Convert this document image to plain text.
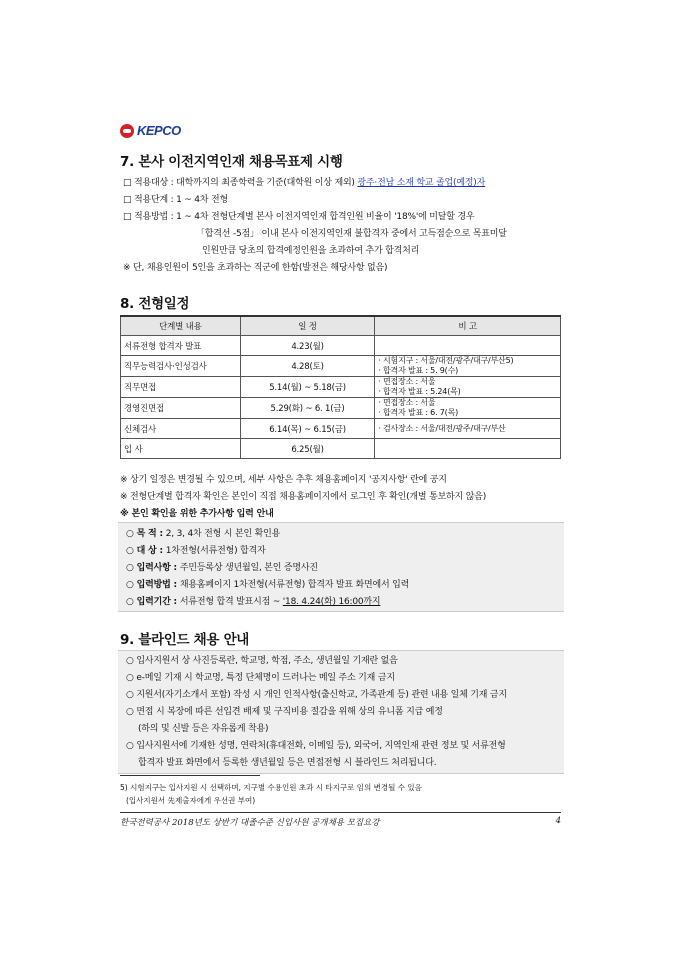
KEPCO
7. 본사 이전지역인재 채용목표제 시행
□ 적용대상 : 대학까지의 최종학력을 기준(대학원 이상 제외) 광주·전남 소재 학교 졸업(예정)자
□ 적용단계 : 1 ~ 4차 전형
□ 적용방법 : 1 ~ 4차 전형단계별 본사 이전지역인재 합격인원 비율이 '18%'에 미달할 경우
「합격선 -5점」 이내 본사 이전지역인재 불합격자 중에서 고득점순으로 목표미달
인원만큼 당초의 합격예정인원을 초과하여 추가 합격처리
※ 단, 채용인원이 5인을 초과하는 직군에 한함(발전은 해당사항 없음)
8. 전형일정
단계별 내용	일 정	비 고
서류전형 합격자 발표	4.23(월)	
직무능력검사·인성검사	4.28(토)	· 시험지구 : 서울/대전/광주/대구/부산5)
· 합격자 발표 : 5. 9(수)

직무면접	5.14(월) ~ 5.18(금)	· 면접장소 : 서울
· 합격자 발표 : 5.24(목)

경영진면접	5.29(화) ~ 6. 1(금)	· 면접장소 : 서울
· 합격자 발표 : 6. 7(목)

신체검사	6.14(목) ~ 6.15(금)	· 검사장소 : 서울/대전/광주/대구/부산
입 사	6.25(월)	
※ 상기 일정은 변경될 수 있으며, 세부 사항은 추후 채용홈페이지 '공지사항' 란에 공지
※ 전형단계별 합격자 확인은 본인이 직접 채용홈페이지에서 로그인 후 확인(개별 통보하지 않음)
※ 본인 확인을 위한 추가사항 입력 안내
○ 목 적 : 2, 3, 4차 전형 시 본인 확인용
○ 대 상 : 1차전형(서류전형) 합격자
○ 입력사항 : 주민등록상 생년월일, 본인 증명사진
○ 입력방법 : 채용홈페이지 1차전형(서류전형) 합격자 발표 화면에서 입력
○ 입력기간 : 서류전형 합격 발표시점 ~ '18. 4.24(화) 16:00까지
9. 블라인드 채용 안내
○ 입사지원서 상 사진등록란, 학교명, 학점, 주소, 생년월일 기재란 없음
○ e-메일 기재 시 학교명, 특정 단체명이 드러나는 메일 주소 기재 금지
○ 지원서(자기소개서 포함) 작성 시 개인 인적사항(출신학교, 가족관계 등) 관련 내용 일체 기재 금지
○ 면접 시 복장에 따른 선입견 배제 및 구직비용 절감을 위해 상의 유니폼 지급 예정
(하의 및 신발 등은 자유롭게 착용)
○ 입사지원서에 기재한 성명, 연락처(휴대전화, 이메일 등), 외국어, 지역인재 관련 정보 및 서류전형
합격자 발표 화면에서 등록한 생년월일 등은 면접전형 시 블라인드 처리됩니다.
5) 시험지구는 입사지원 시 선택하며, 지구별 수용인원 초과 시 타지구로 임의 변경될 수 있음
(입사지원서 先제출자에게 우선권 부여)
한국전력공사 2018년도 상반기 대졸수준 신입사원 공개채용 모집요강	4
